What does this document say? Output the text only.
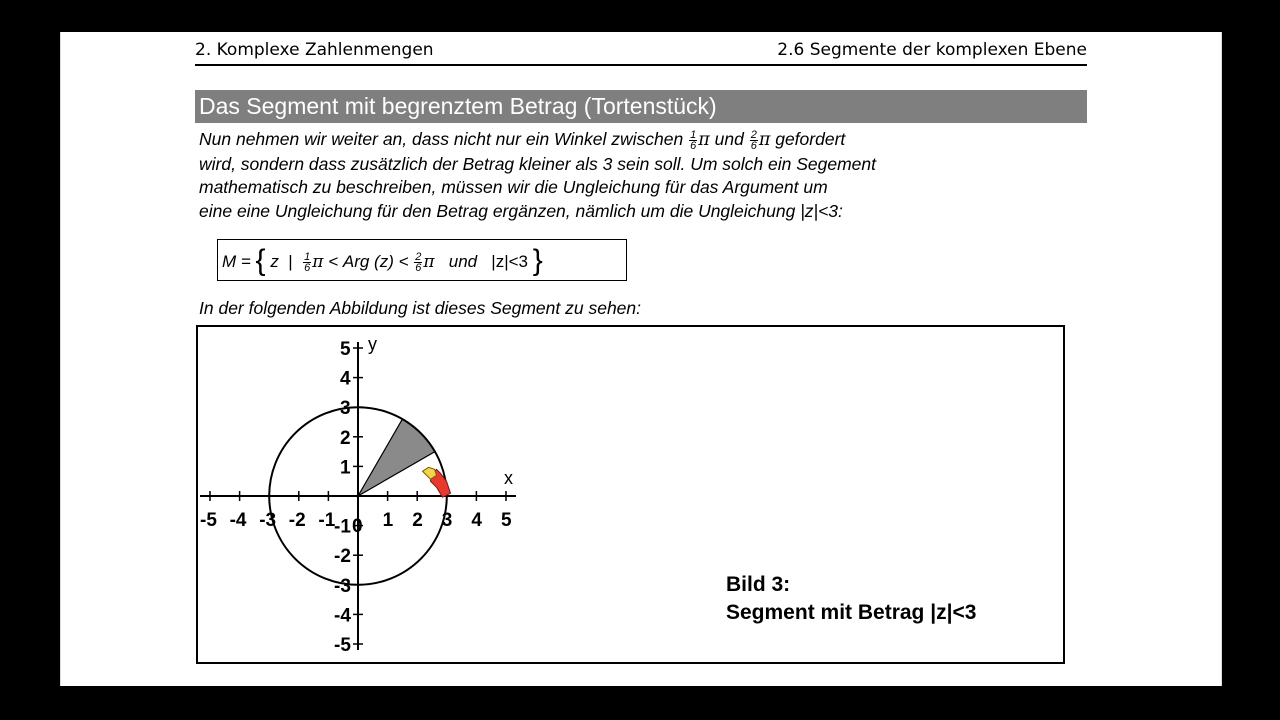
2. Komplexe Zahlenmengen	2.6 Segmente der komplexen Ebene
Das Segment mit begrenztem Betrag (Tortenstück)
Nun nehmen wir weiter an, dass nicht nur ein Winkel zwischen $\frac{1}{6}$ π und $\frac{2}{6}$ π gefordert
wird, sondern dass zusätzlich der Betrag kleiner als 3 sein soll. Um solch ein Segement
mathematisch zu beschreiben, müssen wir die Ungleichung für das Argument um
eine eine Ungleichung für den Betrag ergänzen, nämlich um die Ungleichung |z|<3:
M = { z | $\frac{1}{6}$ π < Arg $(z) < \frac{2}{6}$ π und |z|<3 }
In der folgenden Abbildung ist dieses Segment zu sehen:
-5 -4 -3 -2 -1 1 2 3 4 5
5
4
3
2
1
-1
-2
-3
-4
-5
0
x
y
Bild 3:
Segment mit Betrag |z|<3
